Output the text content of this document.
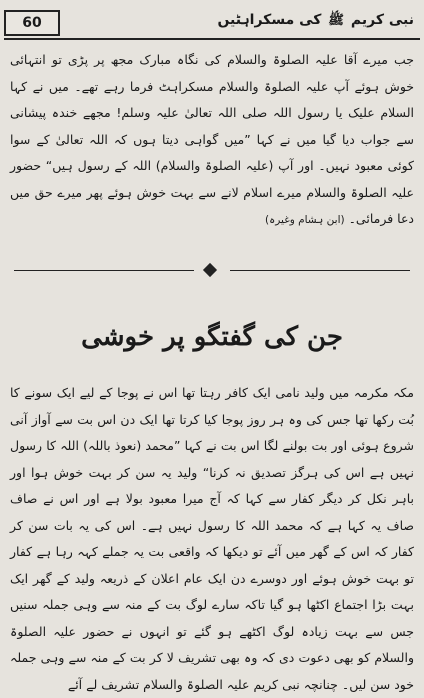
60	نبی کریم ﷺ کی مسکراہٹیں
جب میرے آقا علیہ الصلوۃ والسلام کی نگاہ مبارک مجھ پر پڑی تو انتہائی خوش ہوئے آپ علیہ الصلوۃ والسلام مسکراہٹ فرما رہے تھے۔ میں نے کہا السلام علیک یا رسول اللہ صلی اللہ تعالیٰ علیہ وسلم! مجھے خندہ پیشانی سے جواب دیا گیا میں نے کہا ”میں گواہی دیتا ہوں کہ اللہ تعالیٰ کے سوا کوئی معبود نہیں۔ اور آپ (علیہ الصلوۃ والسلام) اللہ کے رسول ہیں“ حضور علیہ الصلوۃ والسلام میرے اسلام لانے سے بہت خوش ہوئے پھر میرے حق میں دعا فرمائی۔ (ابن ہشام وغیرہ)
جن کی گفتگو پر خوشی
مکہ مکرمہ میں ولید نامی ایک کافر رہتا تھا اس نے پوجا کے لیے ایک سونے کا بُت رکھا تھا جس کی وہ ہر روز پوجا کیا کرتا تھا ایک دن اس بت سے آواز آنی شروع ہوئی اور بت بولنے لگا اس بت نے کہا ”محمد (نعوذ باللہ) اللہ کا رسول نہیں ہے اس کی ہرگز تصدیق نہ کرنا“ ولید یہ سن کر بہت خوش ہوا اور باہر نکل کر دیگر کفار سے کہا کہ آج میرا معبود بولا ہے اور اس نے صاف صاف یہ کہا ہے کہ محمد اللہ کا رسول نہیں ہے۔ اس کی یہ بات سن کر کفار کہ اس کے گھر میں آئے تو دیکھا کہ واقعی بت یہ جملے کہہ رہا ہے کفار تو بہت خوش ہوئے اور دوسرے دن ایک عام اعلان کے ذریعہ ولید کے گھر ایک بہت بڑا اجتماع اکٹھا ہو گیا تاکہ سارے لوگ بت کے منہ سے وہی جملہ سنیں جس سے بہت زیادہ لوگ اکٹھے ہو گئے تو انہوں نے حضور علیہ الصلوۃ والسلام کو بھی دعوت دی کہ وہ بھی تشریف لا کر بت کے منہ سے وہی جملہ خود سن لیں۔ چنانچہ نبی کریم علیہ الصلوۃ والسلام تشریف لے آئے
